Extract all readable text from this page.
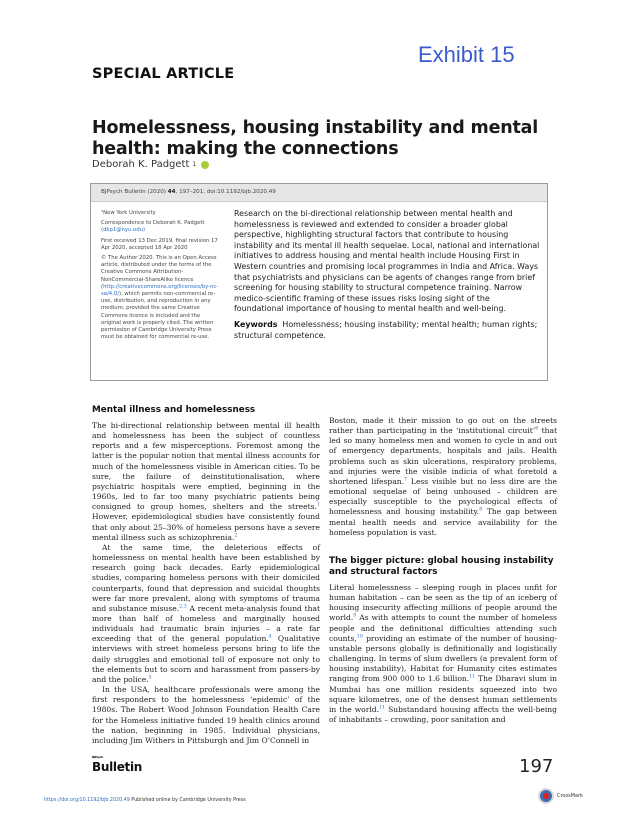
Exhibit 15
SPECIAL ARTICLE
Homelessness, housing instability and mental health: making the connections
Deborah K. Padgett 1
BJPsych Bulletin (2020) 44, 197–201, doi:10.1192/bjb.2020.49

¹New York University

Correspondence to Deborah K. Padgett (dkp1@nyu.edu)

First received 13 Dec 2019, final revision 17 Apr 2020, accepted 18 Apr 2020

© The Author 2020. This is an Open Access article, distributed under the terms of the Creative Commons Attribution-NonCommercial-ShareAlike licence (http://creativecommons.org/licenses/by-nc-sa/4.0/), which permits non-commercial re-use, distribution, and reproduction in any medium, provided the same Creative Commons licence is included and the original work is properly cited. The written permission of Cambridge University Press must be obtained for commercial re-use.

Research on the bi-directional relationship between mental health and homelessness is reviewed and extended to consider a broader global perspective, highlighting structural factors that contribute to housing instability and its mental ill health sequelae. Local, national and international initiatives to address housing and mental health include Housing First in Western countries and promising local programmes in India and Africa. Ways that psychiatrists and physicians can be agents of changes range from brief screening for housing stability to structural competence training. Narrow medico-scientific framing of these issues risks losing sight of the foundational importance of housing to mental health and well-being.

Keywords Homelessness; housing instability; mental health; human rights; structural competence.

Mental illness and homelessness

The bi-directional relationship between mental ill health and homelessness has been the subject of countless reports and a few misperceptions. Foremost among the latter is the popular notion that mental illness accounts for much of the homelessness visible in American cities. To be sure, the failure of deinstitutionalisation, where psychiatric hospitals were emptied, beginning in the 1960s, led to far too many psychiatric patients being consigned to group homes, shelters and the streets.$^1$ However, epidemiological studies have consistently found that only about 25–30% of homeless persons have a severe mental illness such as schizophrenia.$^2$

At the same time, the deleterious effects of homelessness on mental health have been established by research going back decades. Early epidemiological studies, comparing homeless persons with their domiciled counterparts, found that depression and suicidal thoughts were far more prevalent, along with symptoms of trauma and substance misuse.$^{2,3}$ A recent meta-analysis found that more than half of homeless and marginally housed individuals had traumatic brain injuries – a rate far exceeding that of the general population.$^4$ Qualitative interviews with street homeless persons bring to life the daily struggles and emotional toll of exposure not only to the elements but to scorn and harassment from passers-by and the police.$^5$

In the USA, healthcare professionals were among the first responders to the homelessness ‘epidemic’ of the 1980s. The Robert Wood Johnson Foundation Health Care for the Homeless initiative funded 19 health clinics around the nation, beginning in 1985. Individual physicians, including Jim Withers in Pittsburgh and Jim O’Connell in

Boston, made it their mission to go out on the streets rather than participating in the ‘institutional circuit’$^6$ that led so many homeless men and women to cycle in and out of emergency departments, hospitals and jails. Health problems such as skin ulcerations, respiratory problems, and injuries were the visible indicia of what foretold a shortened lifespan.$^7$ Less visible but no less dire are the emotional sequelae of being unhoused – children are especially susceptible to the psychological effects of homelessness and housing instability.$^8$ The gap between mental health needs and service availability for the homeless population is vast.

The bigger picture: global housing instability and structural factors

Literal homelessness – sleeping rough in places unfit for human habitation – can be seen as the tip of an iceberg of housing insecurity affecting millions of people around the world.$^9$ As with attempts to count the number of homeless people and the definitional difficulties attending such counts,$^{10}$ providing an estimate of the number of housing-unstable persons globally is definitionally and logistically challenging. In terms of slum dwellers (a prevalent form of housing instability), Habitat for Humanity cites estimates ranging from 900 000 to 1.6 billion.$^{11}$ The Dharavi slum in Mumbai has one million residents squeezed into two square kilometres, one of the densest human settlements in the world.$^{11}$ Substandard housing affects the well-being of inhabitants – crowding, poor sanitation and

BJPsych
Bulletin	197
https://doi.org/10.1192/bjb.2020.49 Published online by Cambridge University Press
CrossMark
